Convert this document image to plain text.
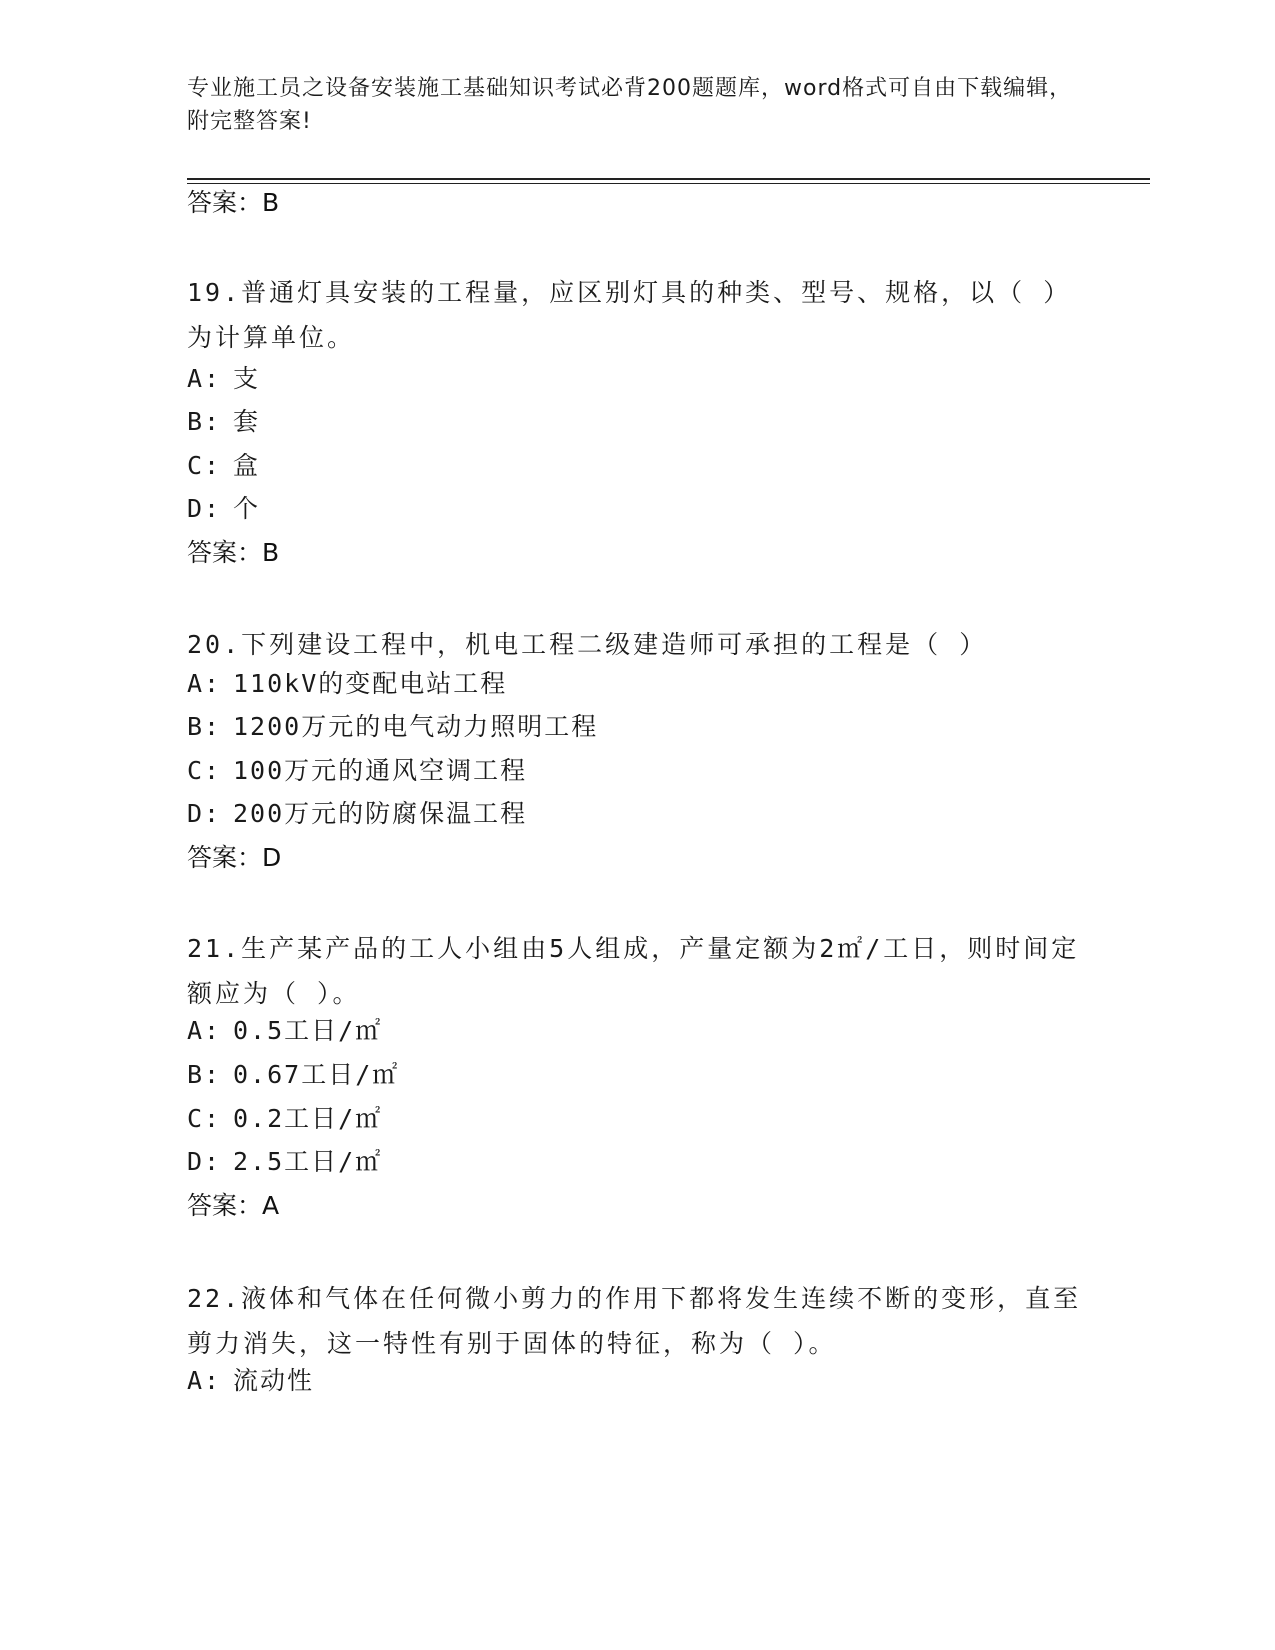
专业施工员之设备安装施工基础知识考试必背200题题库，word格式可自由下载编辑，附完整答案!
答案：B
19.普通灯具安装的工程量，应区别灯具的种类、型号、规格，以（ ）为计算单位。
A: 支
B: 套
C: 盒
D: 个
答案：B
20.下列建设工程中，机电工程二级建造师可承担的工程是（ ）
A: 110kV的变配电站工程
B: 1200万元的电气动力照明工程
C: 100万元的通风空调工程
D: 200万元的防腐保温工程
答案：D
21.生产某产品的工人小组由5人组成，产量定额为2㎡/工日，则时间定额应为（ ）。
A: 0.5工日/㎡
B: 0.67工日/㎡
C: 0.2工日/㎡
D: 2.5工日/㎡
答案：A
22.液体和气体在任何微小剪力的作用下都将发生连续不断的变形，直至剪力消失，这一特性有别于固体的特征，称为（ ）。
A: 流动性
